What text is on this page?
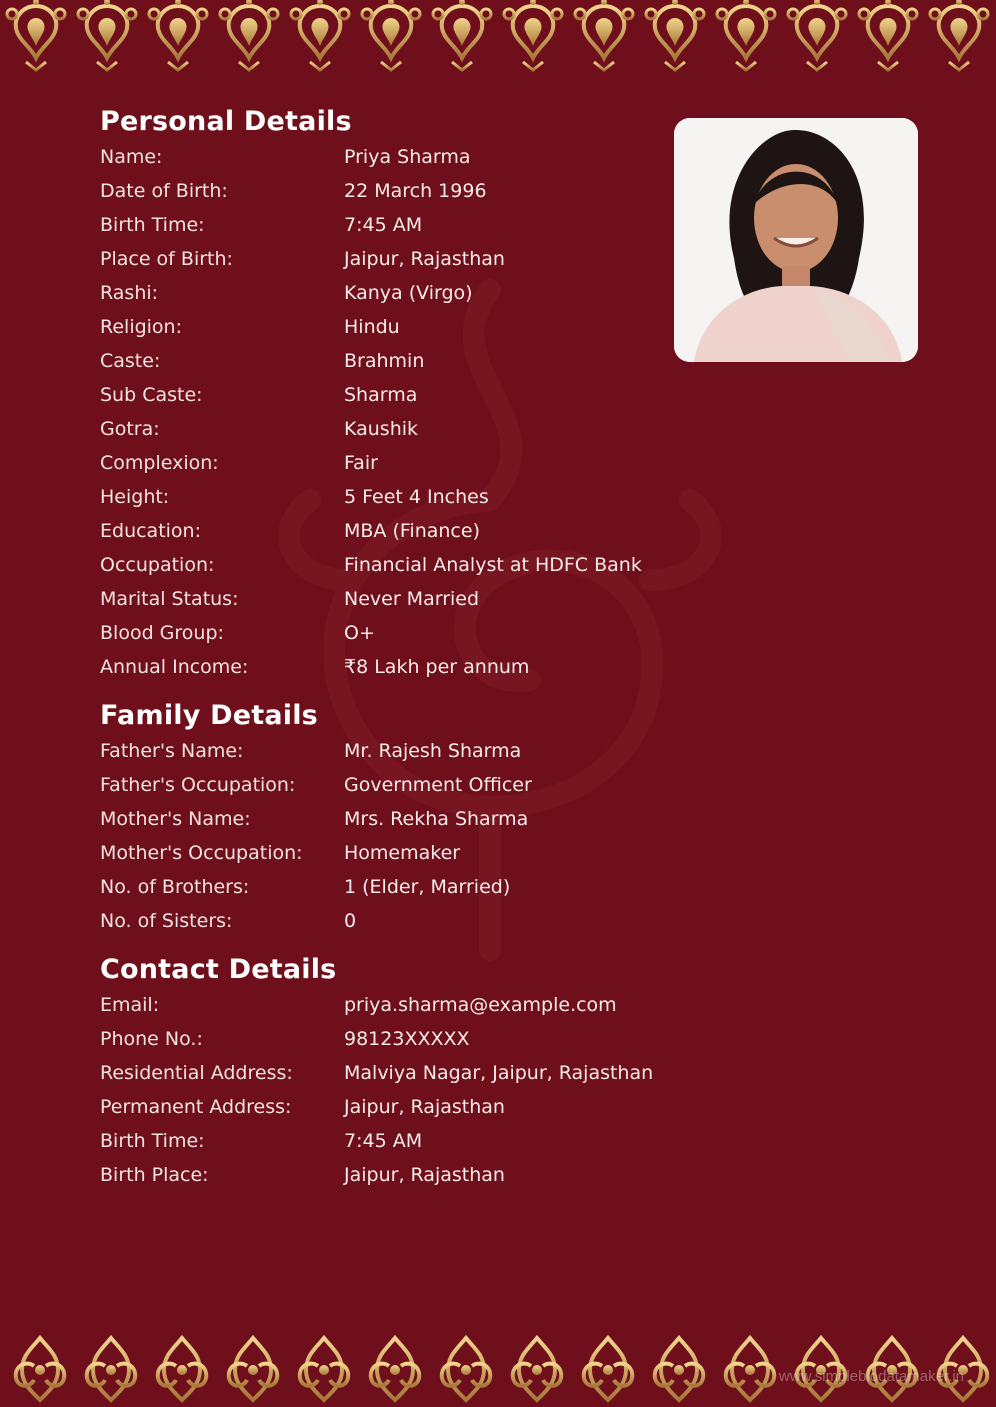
Personal Details
Name:	Priya Sharma
Date of Birth:	22 March 1996
Birth Time:	7:45 AM
Place of Birth:	Jaipur, Rajasthan
Rashi:	Kanya (Virgo)
Religion:	Hindu
Caste:	Brahmin
Sub Caste:	Sharma
Gotra:	Kaushik
Complexion:	Fair
Height:	5 Feet 4 Inches
Education:	MBA (Finance)
Occupation:	Financial Analyst at HDFC Bank
Marital Status:	Never Married
Blood Group:	O+
Annual Income:	₹8 Lakh per annum
Family Details
Father's Name:	Mr. Rajesh Sharma
Father's Occupation:	Government Officer
Mother's Name:	Mrs. Rekha Sharma
Mother's Occupation:	Homemaker
No. of Brothers:	1 (Elder, Married)
No. of Sisters:	0
Contact Details
Email:	priya.sharma@example.com
Phone No.:	98123XXXXX
Residential Address:	Malviya Nagar, Jaipur, Rajasthan
Permanent Address:	Jaipur, Rajasthan
Birth Time:	7:45 AM
Birth Place:	Jaipur, Rajasthan
www.simplebiodatamaker.in
